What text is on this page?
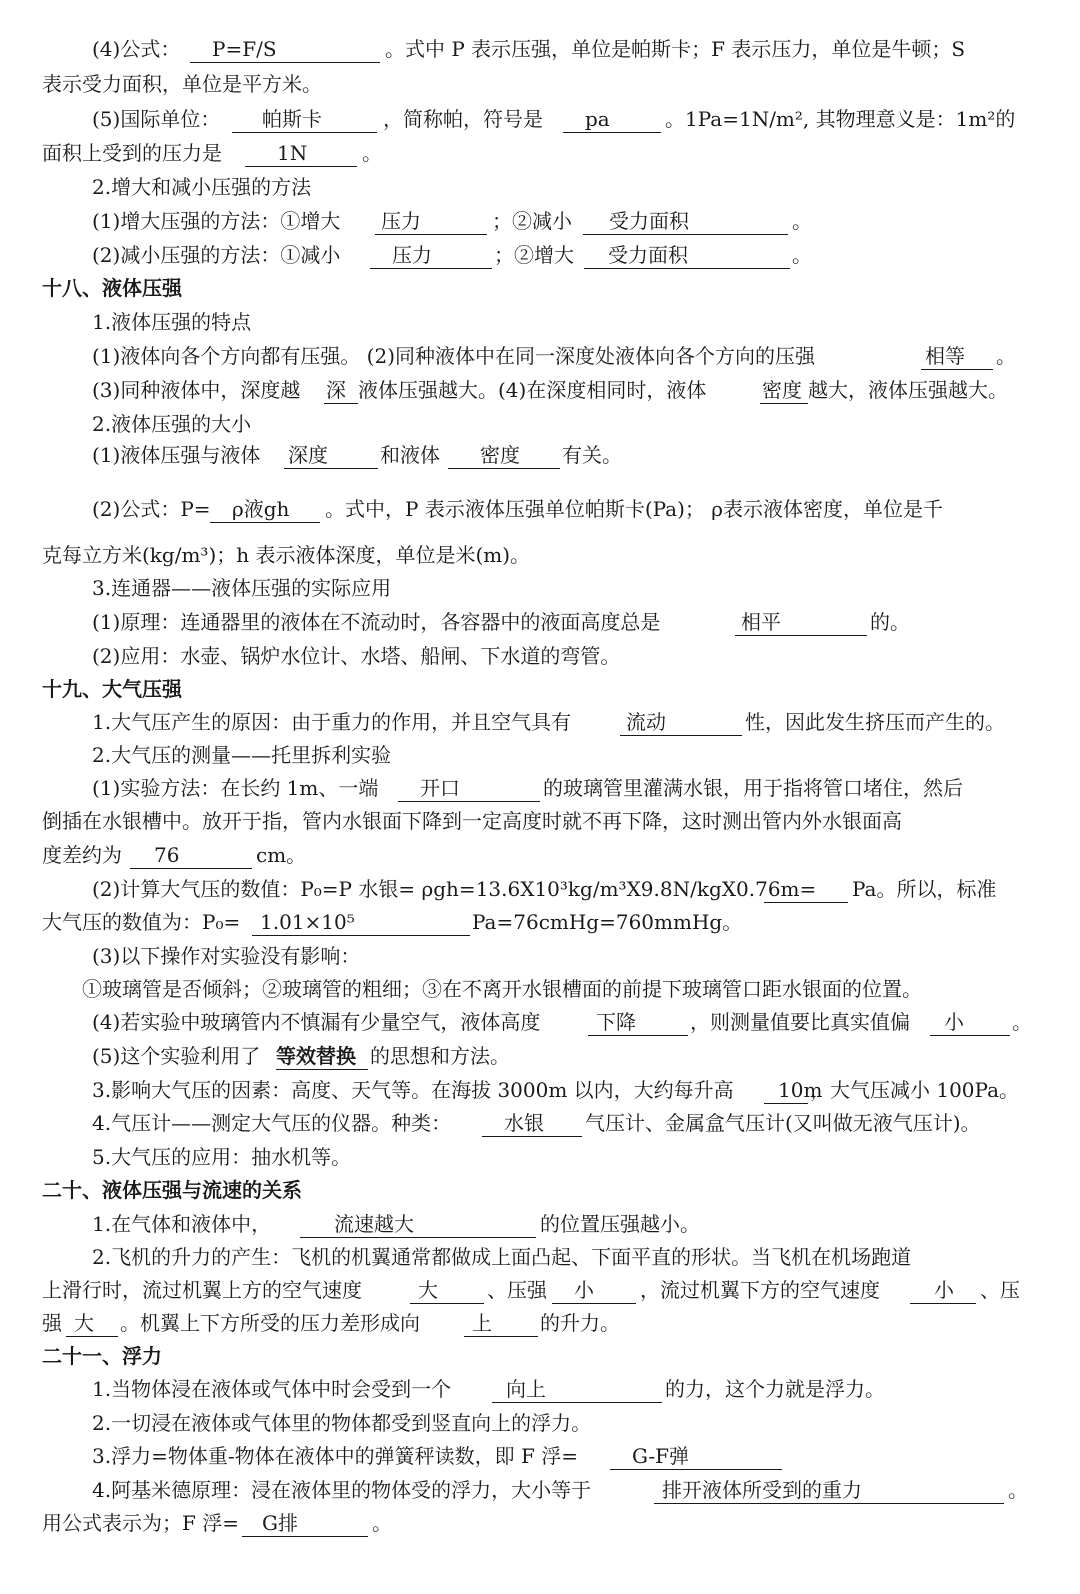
(4)公式： P=F/S	。式中 P 表示压强，单位是帕斯卡；F 表示压力，单位是牛顿；S
表示受力面积，单位是平方米。
(5)国际单位： 帕斯卡	，简称帕，符号是 pa	。1Pa=1N/m², 其物理意义是：1m²的
面积上受到的压力是	1N	。
2.增大和减小压强的方法
(1)增大压强的方法：①增大 压力	；②减小 受力面积	。
(2)减小压强的方法：①减小	压力	；②增大 受力面积	。
十八、液体压强
1.液体压强的特点
(1)液体向各个方向都有压强。 (2)同种液体中在同一深度处液体向各个方向的压强	相等 。
(3)同种液体中，深度越 深 液体压强越大。(4)在深度相同时，液体	密度 越大，液体压强越大。
2.液体压强的大小
(1)液体压强与液体 深度	和液体 密度 有关。
(2)公式：P= ρ液gh 。式中，P 表示液体压强单位帕斯卡(Pa)； ρ表示液体密度，单位是千
克每立方米(kg/m³)；h 表示液体深度，单位是米(m)。
3.连通器——液体压强的实际应用
(1)原理：连通器里的液体在不流动时，各容器中的液面高度总是	相平	的。
(2)应用：水壶、锅炉水位计、水塔、船闸、下水道的弯管。
十九、大气压强
1.大气压产生的原因：由于重力的作用，并且空气具有	流动	性，因此发生挤压而产生的。
2.大气压的测量——托里拆利实验
(1)实验方法：在长约 1m、一端 开口	的玻璃管里灌满水银，用于指将管口堵住，然后
倒插在水银槽中。放开于指，管内水银面下降到一定高度时就不再下降，这时测出管内外水银面高
度差约为 76	cm。
(2)计算大气压的数值：P₀=P 水银= ρgh=13.6X10³kg/m³X9.8N/kgX0.76m= Pa。所以，标准
大气压的数值为：P₀= 1.01×10⁵	Pa=76cmHg=760mmHg。
(3)以下操作对实验没有影响：
①玻璃管是否倾斜；②玻璃管的粗细；③在不离开水银槽面的前提下玻璃管口距水银面的位置。
(4)若实验中玻璃管内不慎漏有少量空气，液体高度	下降	，则测量值要比真实值偏 小 。
(5)这个实验利用了 等效替换 的思想和方法。
3.影响大气压的因素：高度、天气等。在海拔 3000m 以内，大约每升高 10m
，大气压减小 100Pa。
4.气压计——测定大气压的仪器。种类：	水银 气压计、金属盒气压计(又叫做无液气压计)。
5.大气压的应用：抽水机等。
二十、液体压强与流速的关系
1.在气体和液体中，	流速越大	的位置压强越小。
2.飞机的升力的产生：飞机的机翼通常都做成上面凸起、下面平直的形状。当飞机在机场跑道
上滑行时，流过机翼上方的空气速度	大 、压强 小 ，流过机翼下方的空气速度	小 、压
强 大 。机翼上下方所受的压力差形成向	上 的升力。
二十一、浮力
1.当物体浸在液体或气体中时会受到一个	向上	的力，这个力就是浮力。
2.一切浸在液体或气体里的物体都受到竖直向上的浮力。
3.浮力=物体重-物体在液体中的弹簧秤读数，即 F 浮=	G-F弹
4.阿基米德原理：浸在液体里的物体受的浮力，大小等于	排开液体所受到的重力	。
用公式表示为；F 浮= G排	。
